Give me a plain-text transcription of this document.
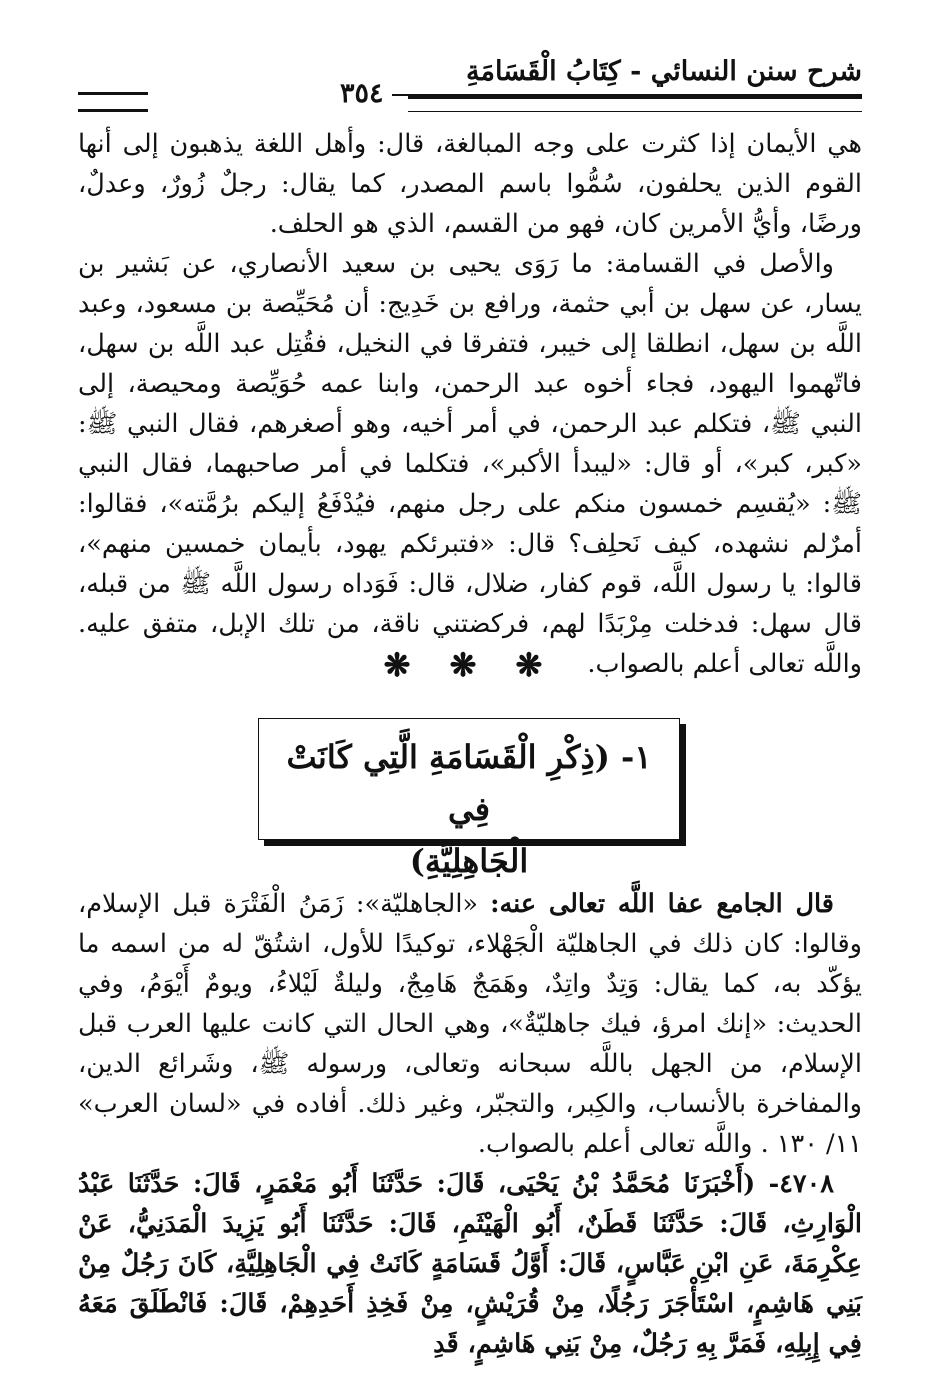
شرح سنن النسائي - كِتَابُ الْقَسَامَةِ
٣٥٤

هي الأيمان إذا كثرت على وجه المبالغة، قال: وأهل اللغة يذهبون إلى أنها القوم الذين يحلفون، سُمُّوا باسم المصدر، كما يقال: رجلٌ زُورٌ، وعدلٌ، ورضًا، وأيُّ الأمرين كان، فهو من القسم، الذي هو الحلف.

والأصل في القسامة: ما رَوَى يحيى بن سعيد الأنصاري، عن بَشير بن يسار، عن سهل بن أبي حثمة، ورافع بن خَدِيج: أن مُحَيِّصة بن مسعود، وعبد اللَّه بن سهل، انطلقا إلى خيبر، فتفرقا في النخيل، فقُتِل عبد اللَّه بن سهل، فاتّهموا اليهود، فجاء أخوه عبد الرحمن، وابنا عمه حُوَيِّصة ومحيصة، إلى النبي ﷺ، فتكلم عبد الرحمن، في أمر أخيه، وهو أصغرهم، فقال النبي ﷺ: «كبر، كبر»، أو قال: «ليبدأ الأكبر»، فتكلما في أمر صاحبهما، فقال النبي ﷺ: «يُقسِم خمسون منكم على رجل منهم، فيُدْفَعُ إليكم برُمَّته»، فقالوا: أمرٌلم نشهده، كيف نَحلِف؟ قال: «فتبرئكم يهود، بأيمان خمسين منهم»، قالوا: يا رسول اللَّه، قوم كفار، ضلال، قال: فَوَداه رسول اللَّه ﷺ من قبله، قال سهل: فدخلت مِرْبَدًا لهم، فركضتني ناقة، من تلك الإبل، متفق عليه. واللَّه تعالى أعلم بالصواب.

❋ ❋ ❋
١- (ذِكْرِ الْقَسَامَةِ الَّتِي كَانَتْ فِي
الْجَاهِلِيَّةِ)

قال الجامع عفا اللَّه تعالى عنه: «الجاهليّة»: زَمَنُ الْفَتْرَة قبل الإسلام، وقالوا: كان ذلك في الجاهليّة الْجَهْلاء، توكيدًا للأول، اشتُقّ له من اسمه ما يؤكّد به، كما يقال: وَتِدٌ واتِدٌ، وهَمَجٌ هَامِجٌ، وليلةٌ لَيْلاءُ، ويومٌ أَيْوَمُ، وفي الحديث: «إنك امرؤ، فيك جاهليّةٌ»، وهي الحال التي كانت عليها العرب قبل الإسلام، من الجهل باللَّه سبحانه وتعالى، ورسوله ﷺ، وشَرائع الدين، والمفاخرة بالأنساب، والكِبر، والتجبّر، وغير ذلك. أفاده في «لسان العرب» ١١/ ١٣٠ . واللَّه تعالى أعلم بالصواب.

٤٧٠٨- (أَخْبَرَنَا مُحَمَّدُ بْنُ يَحْيَى، قَالَ: حَدَّثَنَا أَبُو مَعْمَرٍ، قَالَ: حَدَّثَنَا عَبْدُ الْوَارِثِ، قَالَ: حَدَّثَنَا قَطَنٌ، أَبُو الْهَيْثَمِ، قَالَ: حَدَّثَنَا أَبُو يَزِيدَ الْمَدَنِيُّ، عَنْ عِكْرِمَةَ، عَنِ ابْنِ عَبَّاسٍ، قَالَ: أَوَّلُ قَسَامَةٍ كَانَتْ فِي الْجَاهِلِيَّةِ، كَانَ رَجُلٌ مِنْ بَنِي هَاشِمٍ، اسْتَأْجَرَ رَجُلًا، مِنْ قُرَيْشٍ، مِنْ فَخِذِ أَحَدِهِمْ، قَالَ: فَانْطَلَقَ مَعَهُ فِي إِبِلِهِ، فَمَرَّ بِهِ رَجُلٌ، مِنْ بَنِي هَاشِمٍ، قَدِ
